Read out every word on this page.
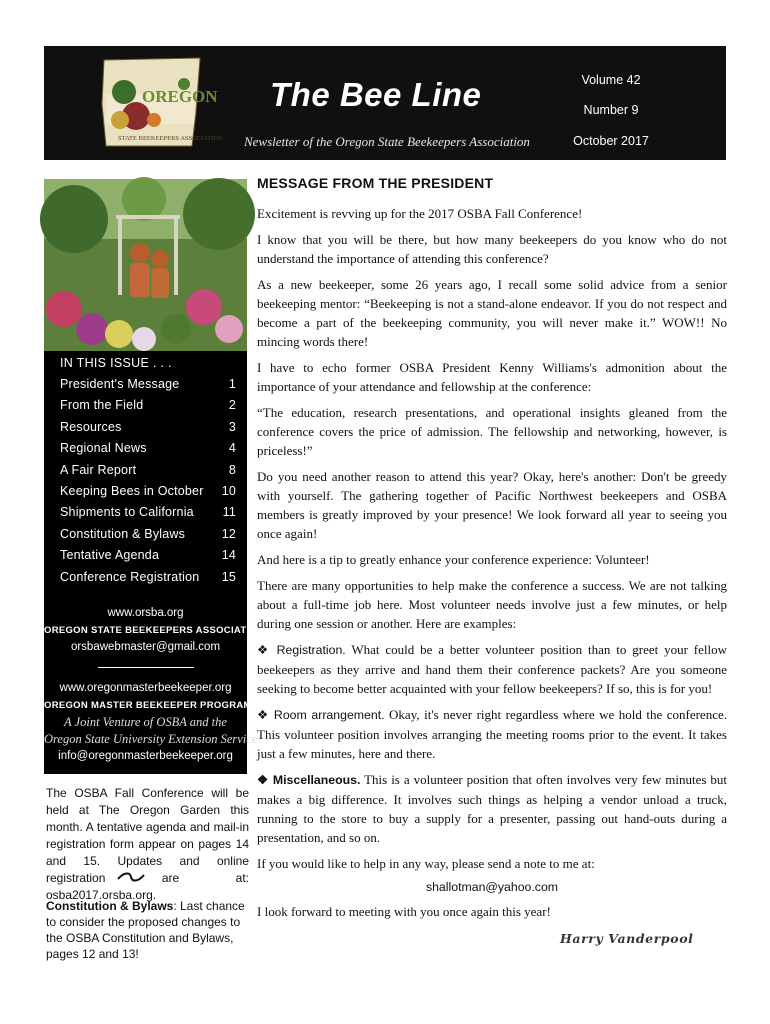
OREGON
STATE BEEKEEPERS ASSOCIATION
The Bee Line
Newsletter of the Oregon State Beekeepers Association
Volume 42
Number 9
October 2017
IN THIS ISSUE . . .
President's Message	1
From the Field	2
Resources	3
Regional News	4
A Fair Report	8
Keeping Bees in October 10
Shipments to California 11
Constitution & Bylaws	12
Tentative Agenda	14
Conference Registration 15
www.orsba.org
OREGON STATE BEEKEEPERS ASSOCIATION
orsbawebmaster@gmail.com
www.oregonmasterbeekeeper.org
OREGON MASTER BEEKEEPER PROGRAM
A Joint Venture of OSBA and the
Oregon State University Extension Service
info@oregonmasterbeekeeper.org
The OSBA Fall Conference will be held at The Oregon Garden this month. A tentative agenda and mail-in registration form appear on pages 14 and 15. Updates and online registration are at: osba2017.orsba.org.
Constitution & Bylaws: Last chance to consider the proposed changes to the OSBA Constitution and Bylaws, pages 12 and 13!
MESSAGE FROM THE PRESIDENT

Excitement is revving up for the 2017 OSBA Fall Conference!

I know that you will be there, but how many beekeepers do you know who do not understand the importance of attending this conference?

As a new beekeeper, some 26 years ago, I recall some solid advice from a senior beekeeping mentor: “Beekeeping is not a stand-alone endeavor. If you do not respect and become a part of the beekeeping community, you will never make it.” WOW!! No mincing words there!

I have to echo former OSBA President Kenny Williams's admonition about the importance of your attendance and fellowship at the conference:

“The education, research presentations, and operational insights gleaned from the conference covers the price of admission. The fellowship and networking, however, is priceless!”

Do you need another reason to attend this year? Okay, here's another: Don't be greedy with yourself. The gathering together of Pacific Northwest beekeepers and OSBA members is greatly improved by your presence! We look forward all year to seeing you once again!

And here is a tip to greatly enhance your conference experience: Volunteer!

There are many opportunities to help make the conference a success. We are not talking about a full-time job here. Most volunteer needs involve just a few minutes, or help during one session or another. Here are examples:

❖ Registration. What could be a better volunteer position than to greet your fellow beekeepers as they arrive and hand them their conference packets? Are you someone seeking to become better acquainted with your fellow beekeepers? If so, this is for you!

❖ Room arrangement. Okay, it's never right regardless where we hold the conference. This volunteer position involves arranging the meeting rooms prior to the event. It takes just a few minutes, here and there.

❖ Miscellaneous. This is a volunteer position that often involves very few minutes but makes a big difference. It involves such things as helping a vendor unload a truck, running to the store to buy a supply for a presenter, passing out hand-outs during a presentation, and so on.

If you would like to help in any way, please send a note to me at:

shallotman@yahoo.com

I look forward to meeting with you once again this year!

Harry Vanderpool
